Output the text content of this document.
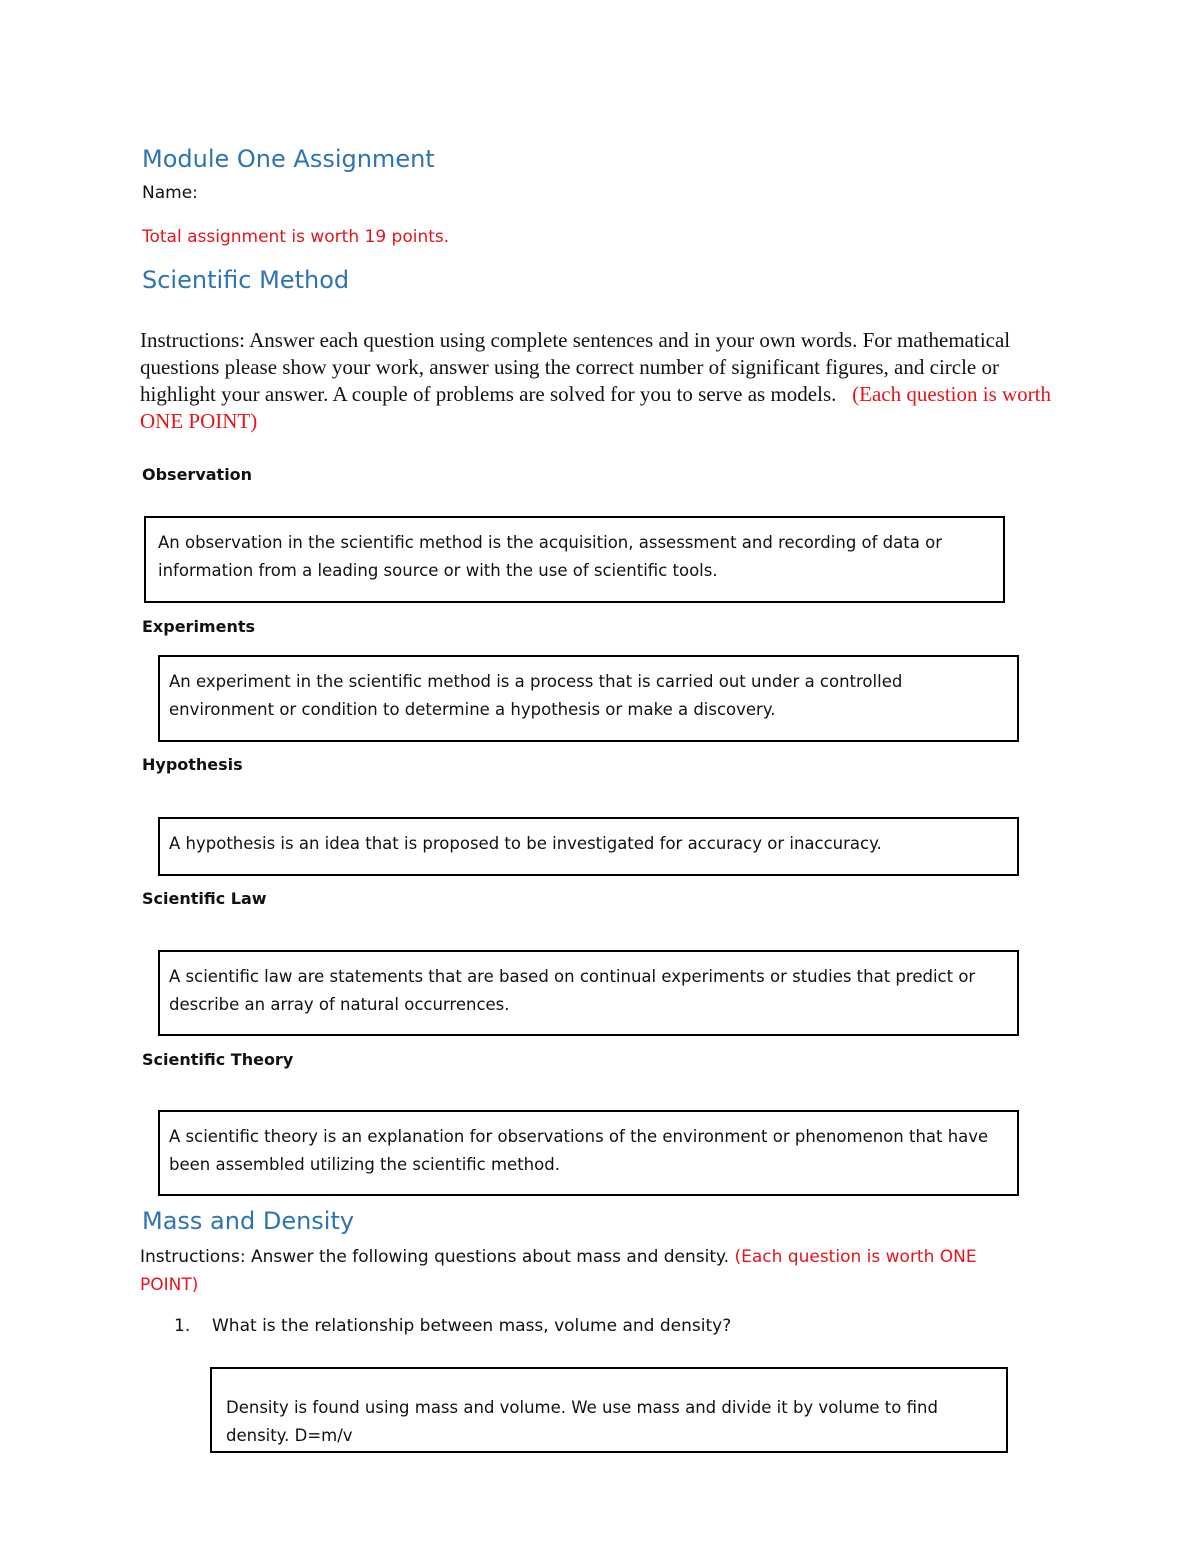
Module One Assignment
Name:
Total assignment is worth 19 points.
Scientific Method
Instructions: Answer each question using complete sentences and in your own words. For mathematical questions please show your work, answer using the correct number of significant figures, and circle or highlight your answer. A couple of problems are solved for you to serve as models. (Each question is worth ONE POINT)
Observation
An observation in the scientific method is the acquisition, assessment and recording of data or information from a leading source or with the use of scientific tools.
Experiments
An experiment in the scientific method is a process that is carried out under a controlled environment or condition to determine a hypothesis or make a discovery.
Hypothesis
A hypothesis is an idea that is proposed to be investigated for accuracy or inaccuracy.
Scientific Law
A scientific law are statements that are based on continual experiments or studies that predict or describe an array of natural occurrences.
Scientific Theory
A scientific theory is an explanation for observations of the environment or phenomenon that have been assembled utilizing the scientific method.
Mass and Density
Instructions: Answer the following questions about mass and density. (Each question is worth ONE POINT)
1. What is the relationship between mass, volume and density?
Density is found using mass and volume. We use mass and divide it by volume to find density. D=m/v
